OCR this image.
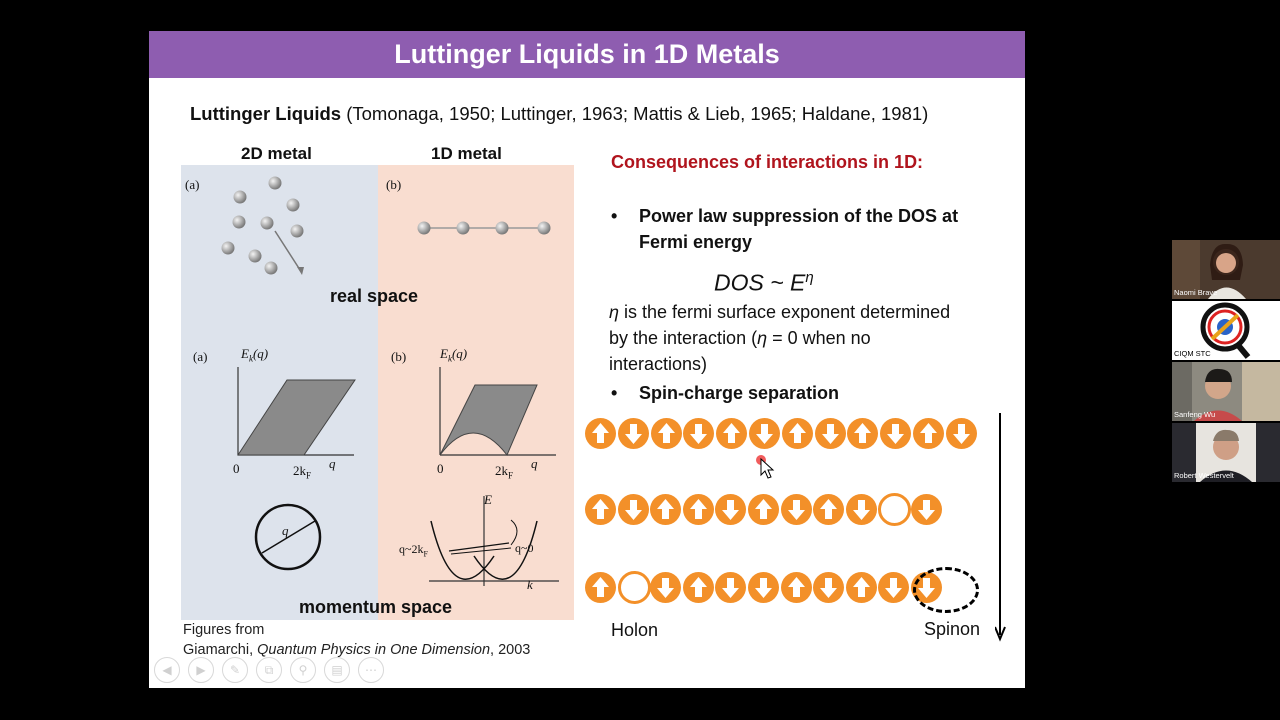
Luttinger Liquids in 1D Metals
Luttinger Liquids (Tomonaga, 1950; Luttinger, 1963; Mattis & Lieb, 1965; Haldane, 1981)
2D metal	1D metal
(a)	(b)
real space
(a)	(b)
$E_k(q)$
0	$2k_F$
q
$E_k(q)$
0	$2k_F$
q
q
E
k
$q\sim 2k_F$	q~0
momentum space
Figures from
Giamarchi, Quantum Physics in One Dimension, 2003
Consequences of interactions in 1D:
• Power law suppression of the DOS at
Fermi energy
DOS ~ $E^\eta$
η is the fermi surface exponent determined
by the interaction (η = 0 when no
interactions)
• Spin-charge separation
Holon	Spinon
◀	▶	✎	⧉	⚲	▤	⋯
Naomi Brave
CIQM STC
Sanfeng Wu
Robert Westervelt
